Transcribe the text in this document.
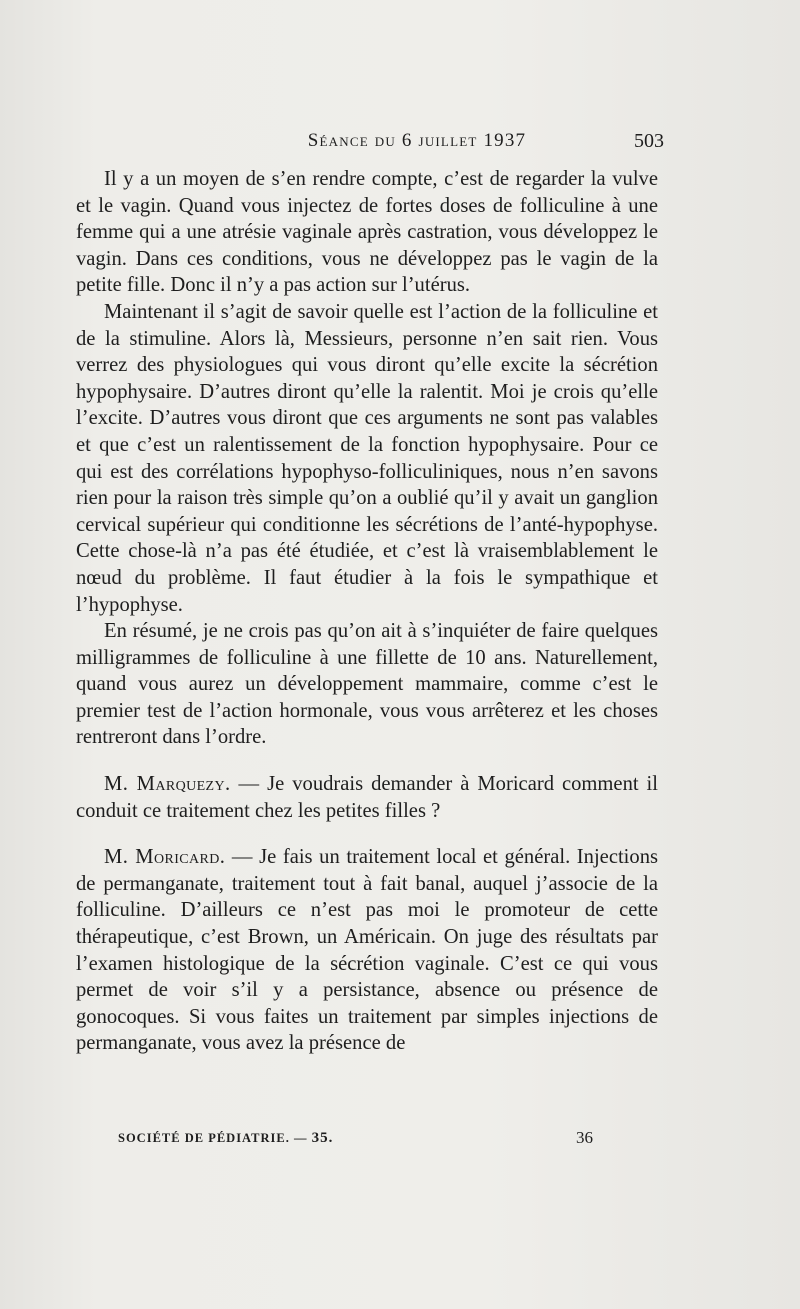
Séance du 6 juillet 1937	503

Il y a un moyen de s’en rendre compte, c’est de regarder la vulve et le vagin. Quand vous injectez de fortes doses de folliculine à une femme qui a une atrésie vaginale après castration, vous développez le vagin. Dans ces conditions, vous ne développez pas le vagin de la petite fille. Donc il n’y a pas action sur l’utérus.

Maintenant il s’agit de savoir quelle est l’action de la folliculine et de la stimuline. Alors là, Messieurs, personne n’en sait rien. Vous verrez des physiologues qui vous diront qu’elle excite la sécrétion hypophysaire. D’autres diront qu’elle la ralentit. Moi je crois qu’elle l’excite. D’autres vous diront que ces arguments ne sont pas valables et que c’est un ralentissement de la fonction hypophysaire. Pour ce qui est des corrélations hypophyso-folliculiniques, nous n’en savons rien pour la raison très simple qu’on a oublié qu’il y avait un ganglion cervical supérieur qui conditionne les sécrétions de l’anté-hypophyse. Cette chose-là n’a pas été étudiée, et c’est là vraisemblablement le nœud du problème. Il faut étudier à la fois le sympathique et l’hypophyse.

En résumé, je ne crois pas qu’on ait à s’inquiéter de faire quelques milligrammes de folliculine à une fillette de 10 ans. Naturellement, quand vous aurez un développement mammaire, comme c’est le premier test de l’action hormonale, vous vous arrêterez et les choses rentreront dans l’ordre.

M. Marquezy. — Je voudrais demander à Moricard comment il conduit ce traitement chez les petites filles ?

M. Moricard. — Je fais un traitement local et général. Injections de permanganate, traitement tout à fait banal, auquel j’associe de la folliculine. D’ailleurs ce n’est pas moi le promoteur de cette thérapeutique, c’est Brown, un Américain. On juge des résultats par l’examen histologique de la sécrétion vaginale. C’est ce qui vous permet de voir s’il y a persistance, absence ou présence de gonocoques. Si vous faites un traitement par simples injections de permanganate, vous avez la présence de

SOCIÉTÉ DE PÉDIATRIE. — 35.	36
